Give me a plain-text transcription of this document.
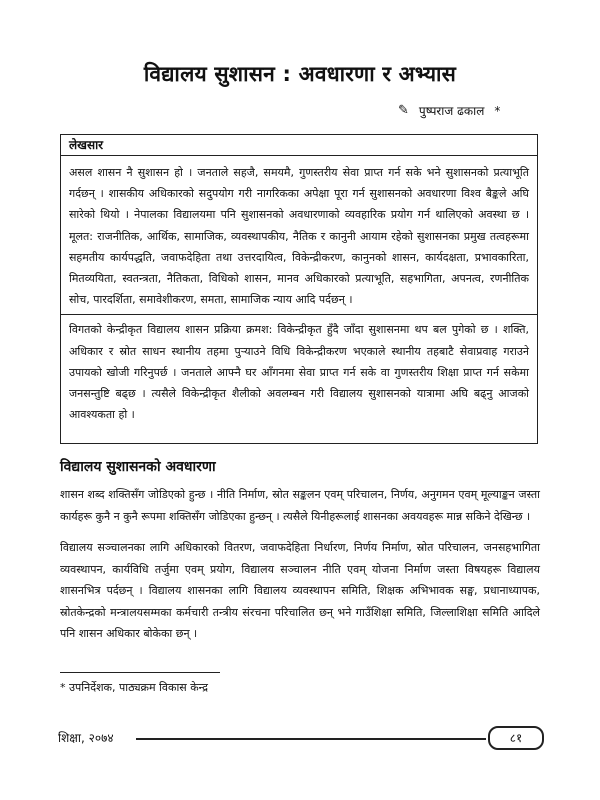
विद्यालय सुशासन : अवधारणा र अभ्यास
✎ पुष्पराज ढकाल *
लेखसार

असल शासन नै सुशासन हो । जनताले सहजै, समयमै, गुणस्तरीय सेवा प्राप्त गर्न सके भने सुशासनको प्रत्याभूति गर्दछन् । शासकीय अधिकारको सदुपयोग गरी नागरिकका अपेक्षा पूरा गर्न सुशासनको अवधारणा विश्व बैङ्कले अघि सारेको थियो । नेपालका विद्यालयमा पनि सुशासनको अवधारणाको व्यवहारिक प्रयोग गर्न थालिएको अवस्था छ । मूलत: राजनीतिक, आर्थिक, सामाजिक, व्यवस्थापकीय, नैतिक र कानुनी आयाम रहेको सुशासनका प्रमुख तत्वहरूमा सहमतीय कार्यपद्धति, जवाफदेहिता तथा उत्तरदायित्व, विकेन्द्रीकरण, कानुनको शासन, कार्यदक्षता, प्रभावकारिता, मितव्ययिता, स्वतन्त्रता, नैतिकता, विधिको शासन, मानव अधिकारको प्रत्याभूति, सहभागिता, अपनत्व, रणनीतिक सोच, पारदर्शिता, समावेशीकरण, समता, सामाजिक न्याय आदि पर्दछन् ।

विगतको केन्द्रीकृत विद्यालय शासन प्रक्रिया क्रमश: विकेन्द्रीकृत हुँदै जाँदा सुशासनमा थप बल पुगेको छ । शक्ति, अधिकार र स्रोत साधन स्थानीय तहमा पुऱ्याउने विधि विकेन्द्रीकरण भएकाले स्थानीय तहबाटै सेवाप्रवाह गराउने उपायको खोजी गरिनुपर्छ । जनताले आफ्नै घर आँगनमा सेवा प्राप्त गर्न सके वा गुणस्तरीय शिक्षा प्राप्त गर्न सकेमा जनसन्तुष्टि बढ्छ । त्यसैले विकेन्द्रीकृत शैलीको अवलम्बन गरी विद्यालय सुशासनको यात्रामा अघि बढ्नु आजको आवश्यकता हो ।

विद्यालय सुशासनको अवधारणा

शासन शब्द शक्तिसँग जोडिएको हुन्छ । नीति निर्माण, स्रोत सङ्कलन एवम् परिचालन, निर्णय, अनुगमन एवम् मूल्याङ्कन जस्ता कार्यहरू कुनै न कुनै रूपमा शक्तिसँग जोडिएका हुन्छन् । त्यसैले यिनीहरूलाई शासनका अवयवहरू मान्न सकिने देखिन्छ ।

विद्यालय सञ्चालनका लागि अधिकारको वितरण, जवाफदेहिता निर्धारण, निर्णय निर्माण, स्रोत परिचालन, जनसहभागिता व्यवस्थापन, कार्यविधि तर्जुमा एवम् प्रयोग, विद्यालय सञ्चालन नीति एवम् योजना निर्माण जस्ता विषयहरू विद्यालय शासनभित्र पर्दछन् । विद्यालय शासनका लागि विद्यालय व्यवस्थापन समिति, शिक्षक अभिभावक सङ्घ, प्रधानाध्यापक, स्रोतकेन्द्रको मन्त्रालयसम्मका कर्मचारी तन्त्रीय संरचना परिचालित छन् भने गाउँशिक्षा समिति, जिल्लाशिक्षा समिति आदिले पनि शासन अधिकार बोकेका छन् ।

* उपनिर्देशक, पाठ्यक्रम विकास केन्द्र
शिक्षा, २०७४	८१
